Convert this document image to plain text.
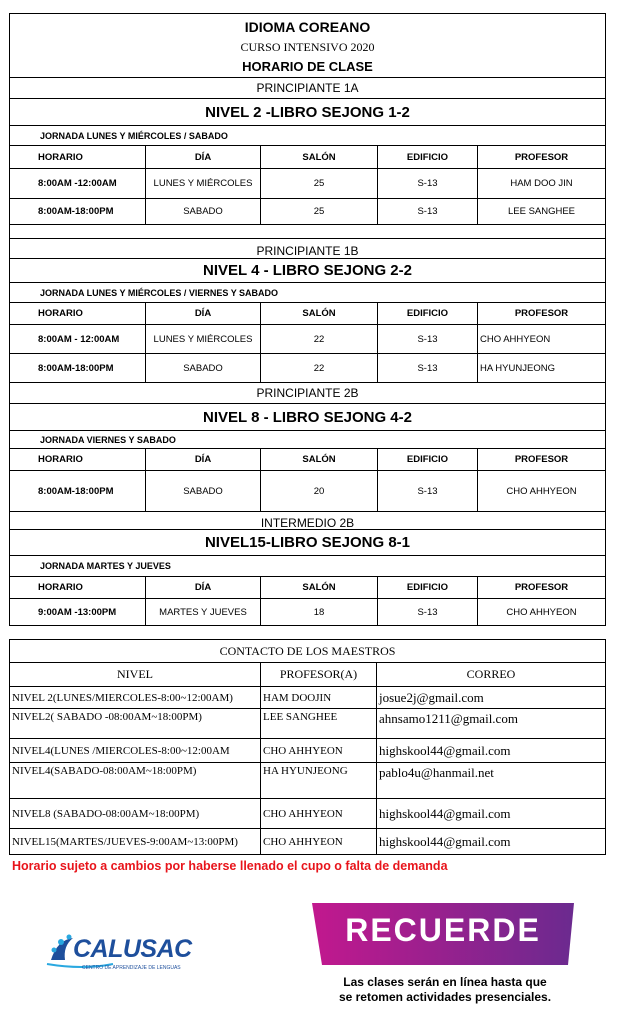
IDIOMA COREANO
CURSO INTENSIVO 2020
HORARIO DE CLASE
PRINCIPIANTE 1A
NIVEL 2 -LIBRO SEJONG 1-2
JORNADA LUNES Y MIÉRCOLES / SABADO
HORARIO	DÍA	SALÓN	EDIFICIO	PROFESOR
8:00AM -12:00AM	LUNES Y MIÉRCOLES	25	S-13	HAM DOO JIN
8:00AM-18:00PM	SABADO	25	S-13	LEE SANGHEE
PRINCIPIANTE 1B
NIVEL 4 - LIBRO SEJONG 2-2
JORNADA LUNES Y MIÉRCOLES / VIERNES Y SABADO
HORARIO	DÍA	SALÓN	EDIFICIO	PROFESOR
8:00AM - 12:00AM	LUNES Y MIÉRCOLES	22	S-13	CHO AHHYEON
8:00AM-18:00PM	SABADO	22	S-13	HA HYUNJEONG
PRINCIPIANTE 2B
NIVEL 8 - LIBRO SEJONG 4-2
JORNADA VIERNES Y SABADO
HORARIO	DÍA	SALÓN	EDIFICIO	PROFESOR
8:00AM-18:00PM	SABADO	20	S-13	CHO AHHYEON
INTERMEDIO 2B
NIVEL15-LIBRO SEJONG 8-1
JORNADA MARTES Y JUEVES
HORARIO	DÍA	SALÓN	EDIFICIO	PROFESOR
9:00AM -13:00PM	MARTES Y JUEVES	18	S-13	CHO AHHYEON
CONTACTO DE LOS MAESTROS
NIVEL	PROFESOR(A)	CORREO
NIVEL 2(LUNES/MIERCOLES-8:00~12:00AM)	HAM DOOJIN	josue2j@gmail.com
NIVEL2( SABADO -08:00AM~18:00PM)	LEE SANGHEE	ahnsamo1211@gmail.com
NIVEL4(LUNES /MIERCOLES-8:00~12:00AM	CHO AHHYEON	highskool44@gmail.com
NIVEL4(SABADO-08:00AM~18:00PM)	HA HYUNJEONG	pablo4u@hanmail.net
NIVEL8 (SABADO-08:00AM~18:00PM)	CHO AHHYEON	highskool44@gmail.com
NIVEL15(MARTES/JUEVES-9:00AM~13:00PM)	CHO AHHYEON	highskool44@gmail.com
Horario sujeto a cambios por haberse llenado el cupo o falta de demanda
CALUSAC
CENTRO DE APRENDIZAJE DE LENGUAS
RECUERDE
Las clases serán en línea hasta que
se retomen actividades presenciales.
